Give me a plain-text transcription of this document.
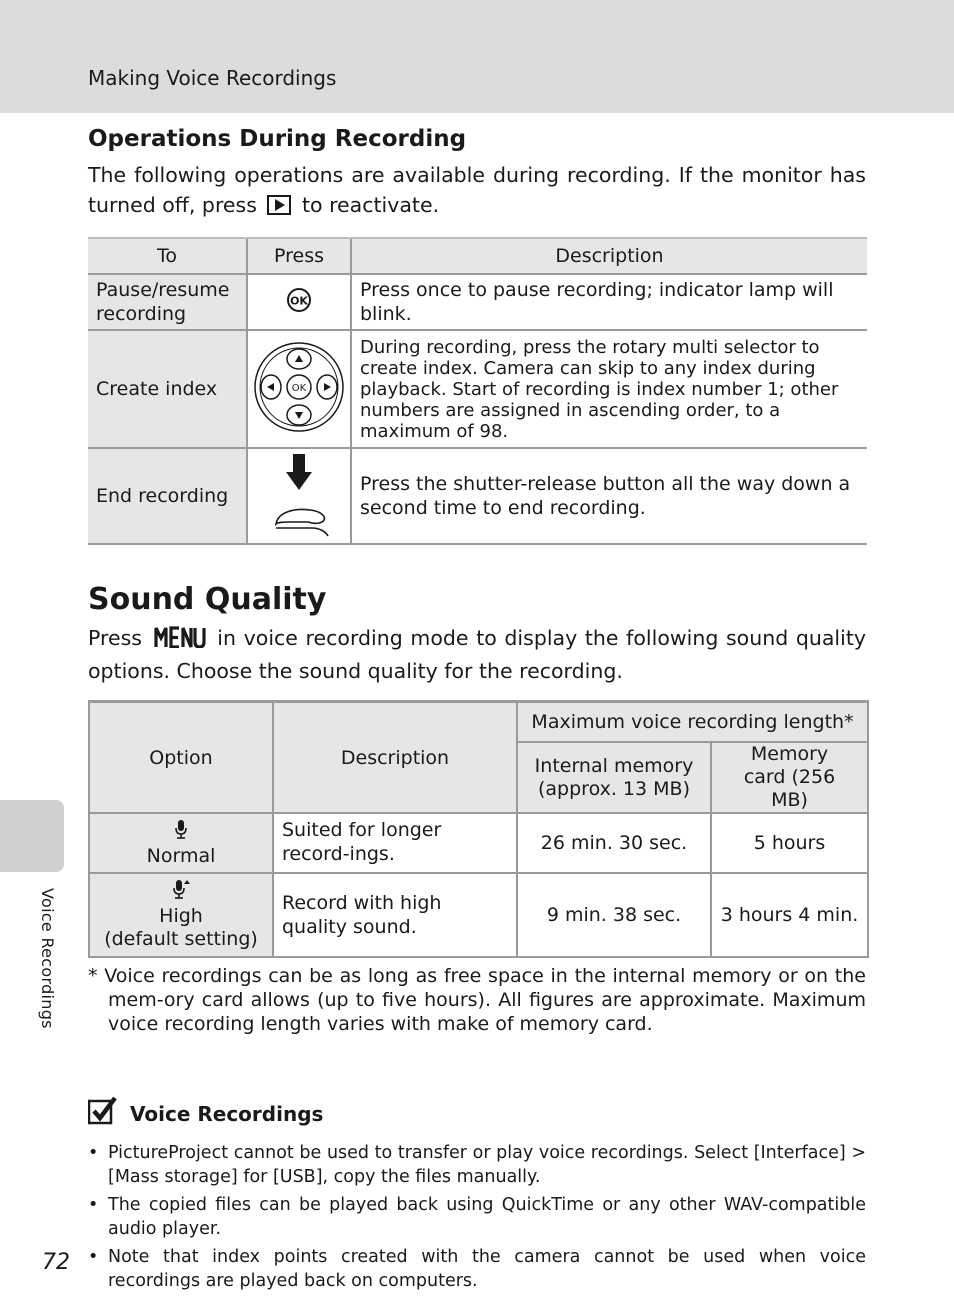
Making Voice Recordings
Voice Recordings
Operations During Recording

The following operations are available during recording. If the monitor has turned off, press to reactivate.

To	Press	Description
Pause/resume recording	OK	Press once to pause recording; indicator lamp will blink.
Create index	OK	During recording, press the rotary multi selector to create index. Camera can skip to any index during playback. Start of recording is index number 1; other numbers are assigned in ascending order, to a maximum of 98.
End recording		Press the shutter-release button all the way down a second time to end recording.
Sound Quality

Press	in voice recording mode to display the following sound quality options. Choose the sound quality for the recording.

Option	Description	Maximum voice recording length*	
		Internal memory (approx. 13 MB)	Memory card (256 MB)

Normal	Suited for longer record-ings.	26 min. 30 sec.	5 hours

High
(default setting)	Record with high quality sound.	9 min. 38 sec.	3 hours 4 min.
* Voice recordings can be as long as free space in the internal memory or on the mem-ory card allows (up to five hours). All figures are approximate. Maximum voice recording length varies with make of memory card.
Voice Recordings
• PictureProject cannot be used to transfer or play voice recordings. Select [Interface] > [Mass storage] for [USB], copy the files manually.
• The copied files can be played back using QuickTime or any other WAV-compatible audio player.
• Note that index points created with the camera cannot be used when voice recordings are played back on computers.
72
